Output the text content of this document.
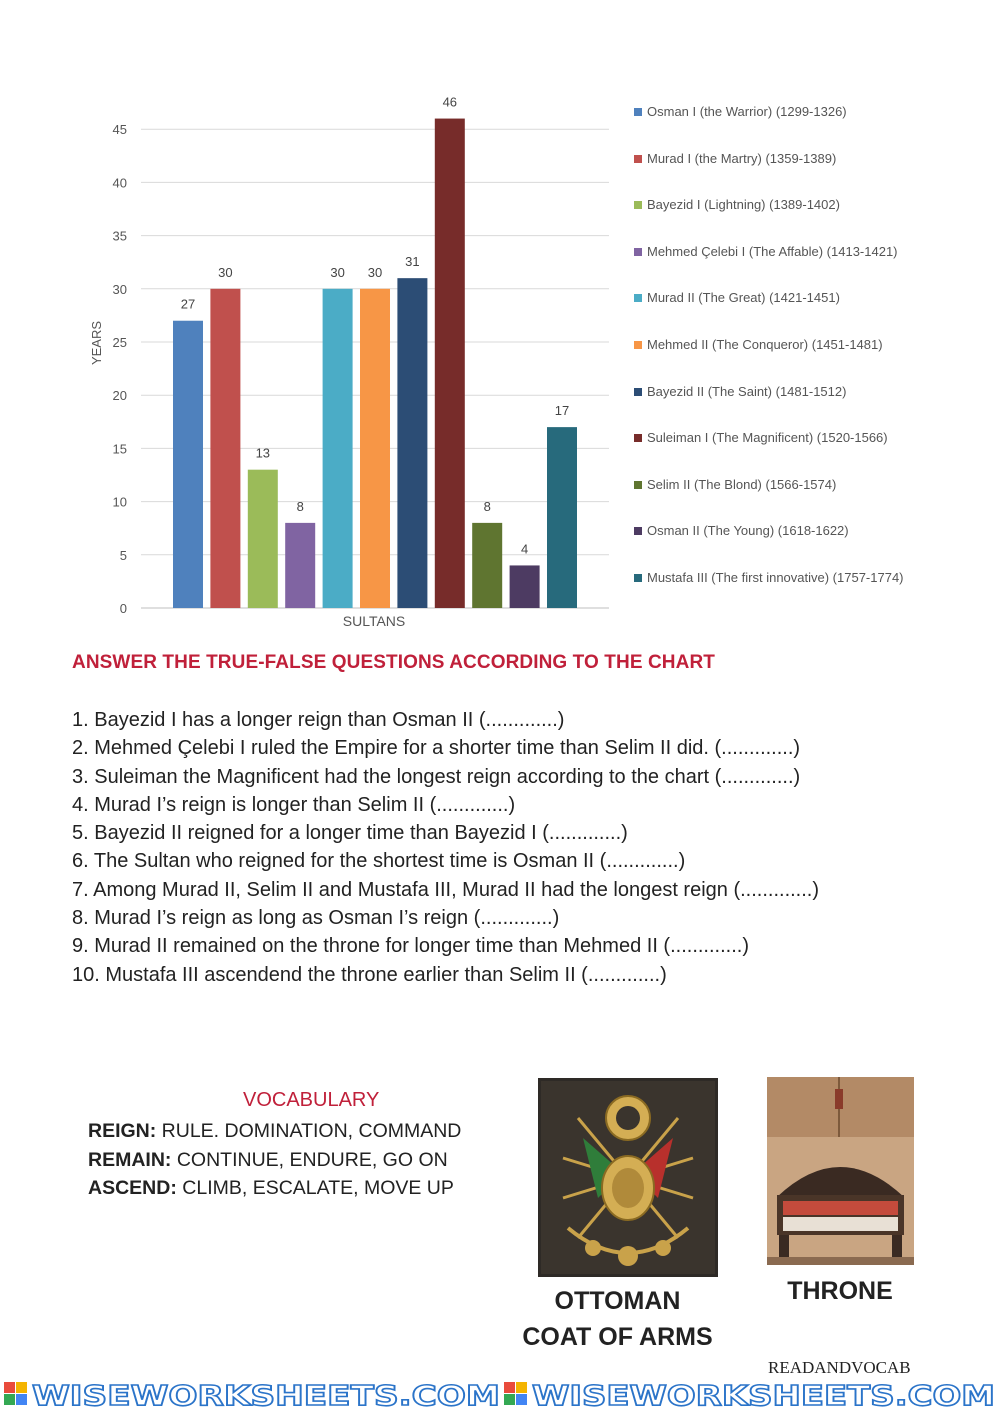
0
5
10
15
20
25
30
35
40
45
27
30
13
8
30 30
31
46
8
4
17
YEARS
SULTANS
Osman I (the Warrior) (1299-1326)
Murad I (the Martry) (1359-1389)
Bayezid I (Lightning) (1389-1402)
Mehmed Çelebi I (The Affable) (1413-1421)
Murad II (The Great) (1421-1451)
Mehmed II (The Conqueror) (1451-1481)
Bayezid II (The Saint) (1481-1512)
Suleiman I (The Magnificent) (1520-1566)
Selim II (The Blond) (1566-1574)
Osman II (The Young) (1618-1622)
Mustafa III (The first innovative) (1757-1774)
ANSWER THE TRUE-FALSE QUESTIONS ACCORDING TO THE CHART
1. Bayezid I has a longer reign than Osman II (.............)
2. Mehmed Çelebi I ruled the Empire for a shorter time than Selim II did. (.............)
3. Suleiman the Magnificent had the longest reign according to the chart (.............)
4. Murad I’s reign is longer than Selim II (.............)
5. Bayezid II reigned for a longer time than Bayezid I (.............)
6. The Sultan who reigned for the shortest time is Osman II (.............)
7. Among Murad II, Selim II and Mustafa III, Murad II had the longest reign (.............)
8. Murad I’s reign as long as Osman I’s reign (.............)
9. Murad II remained on the throne for longer time than Mehmed II (.............)
10. Mustafa III ascendend the throne earlier than Selim II (.............)
VOCABULARY
REIGN: RULE. DOMINATION, COMMAND
REMAIN: CONTINUE, ENDURE, GO ON
ASCEND: CLIMB, ESCALATE, MOVE UP
OTTOMAN
COAT OF ARMS
THRONE
READANDVOCAB
WISEWORKSHEETS.COM WISEWORKSHEETS.COM
